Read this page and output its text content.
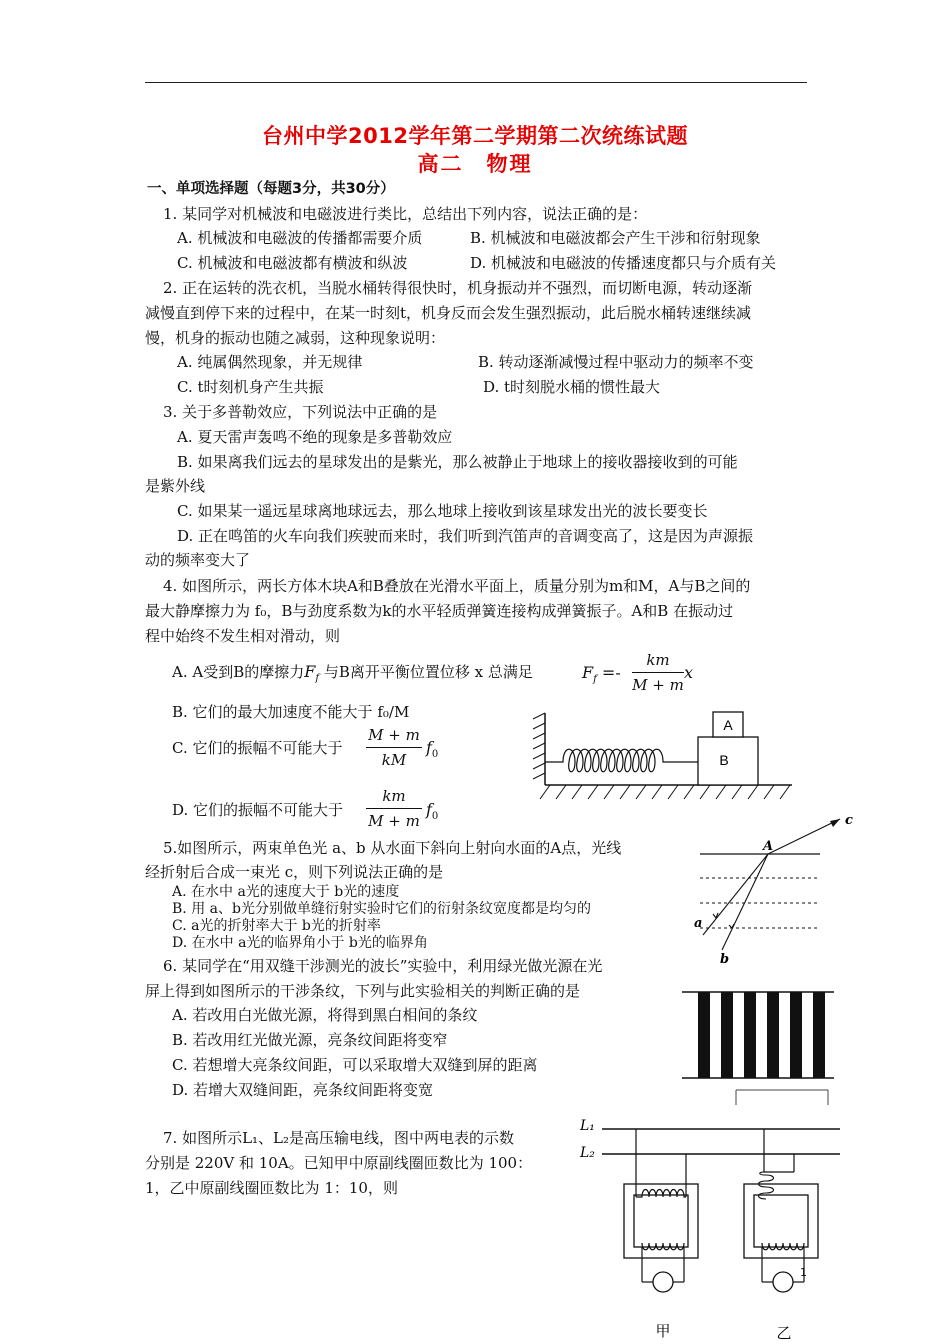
台州中学2012学年第二学期第二次统练试题
高二　物理
一、单项选择题（每题3分，共30分）
1. 某同学对机械波和电磁波进行类比，总结出下列内容，说法正确的是：
A. 机械波和电磁波的传播都需要介质	B. 机械波和电磁波都会产生干涉和衍射现象
C. 机械波和电磁波都有横波和纵波	D. 机械波和电磁波的传播速度都只与介质有关
2. 正在运转的洗衣机，当脱水桶转得很快时，机身振动并不强烈，而切断电源，转动逐渐
减慢直到停下来的过程中，在某一时刻t，机身反而会发生强烈振动，此后脱水桶转速继续减
慢，机身的振动也随之减弱，这种现象说明：
A. 纯属偶然现象，并无规律	B. 转动逐渐减慢过程中驱动力的频率不变
C. t时刻机身产生共振	D. t时刻脱水桶的惯性最大
3. 关于多普勒效应，下列说法中正确的是
A. 夏天雷声轰鸣不绝的现象是多普勒效应
B. 如果离我们远去的星球发出的是紫光，那么被静止于地球上的接收器接收到的可能
是紫外线
C. 如果某一遥远星球离地球远去，那么地球上接收到该星球发出光的波长要变长
D. 正在鸣笛的火车向我们疾驶而来时，我们听到汽笛声的音调变高了，这是因为声源振
动的频率变大了
4. 如图所示，两长方体木块A和B叠放在光滑水平面上，质量分别为m和M，A与B之间的
最大静摩擦力为 f₀，B与劲度系数为k的水平轻质弹簧连接构成弹簧振子。A和B 在振动过
程中始终不发生相对滑动，则
A. A受到B的摩擦力$F_f$ 与B离开平衡位置位移 x 总满足	$F_f =- \frac{km}{M + m}$ x
B. 它们的最大加速度不能大于 f₀/M
C. 它们的振幅不可能大于 $\frac{M + m}{kM} f_0$
D. 它们的振幅不可能大于 $\frac{km}{M + m} f_0$
A
B
5.如图所示，两束单色光 a、b 从水面下斜向上射向水面的A点，光线
经折射后合成一束光 c，则下列说法正确的是
A. 在水中 a光的速度大于 b光的速度
B. 用 a、b光分别做单缝衍射实验时它们的衍射条纹宽度都是均匀的
C. a光的折射率大于 b光的折射率
D. 在水中 a光的临界角小于 b光的临界角
A
a
b
c
6. 某同学在“用双缝干涉测光的波长”实验中，利用绿光做光源在光
屏上得到如图所示的干涉条纹，下列与此实验相关的判断正确的是
A. 若改用白光做光源，将得到黑白相间的条纹
B. 若改用红光做光源，亮条纹间距将变窄
C. 若想增大亮条纹间距，可以采取增大双缝到屏的距离
D. 若增大双缝间距，亮条纹间距将变宽
7. 如图所示L₁、L₂是高压输电线，图中两电表的示数
分别是 220V 和 10A。已知甲中原副线圈匝数比为 100：
1，乙中原副线圈匝数比为 1：10，则
L₁
L₂
甲
1
乙
